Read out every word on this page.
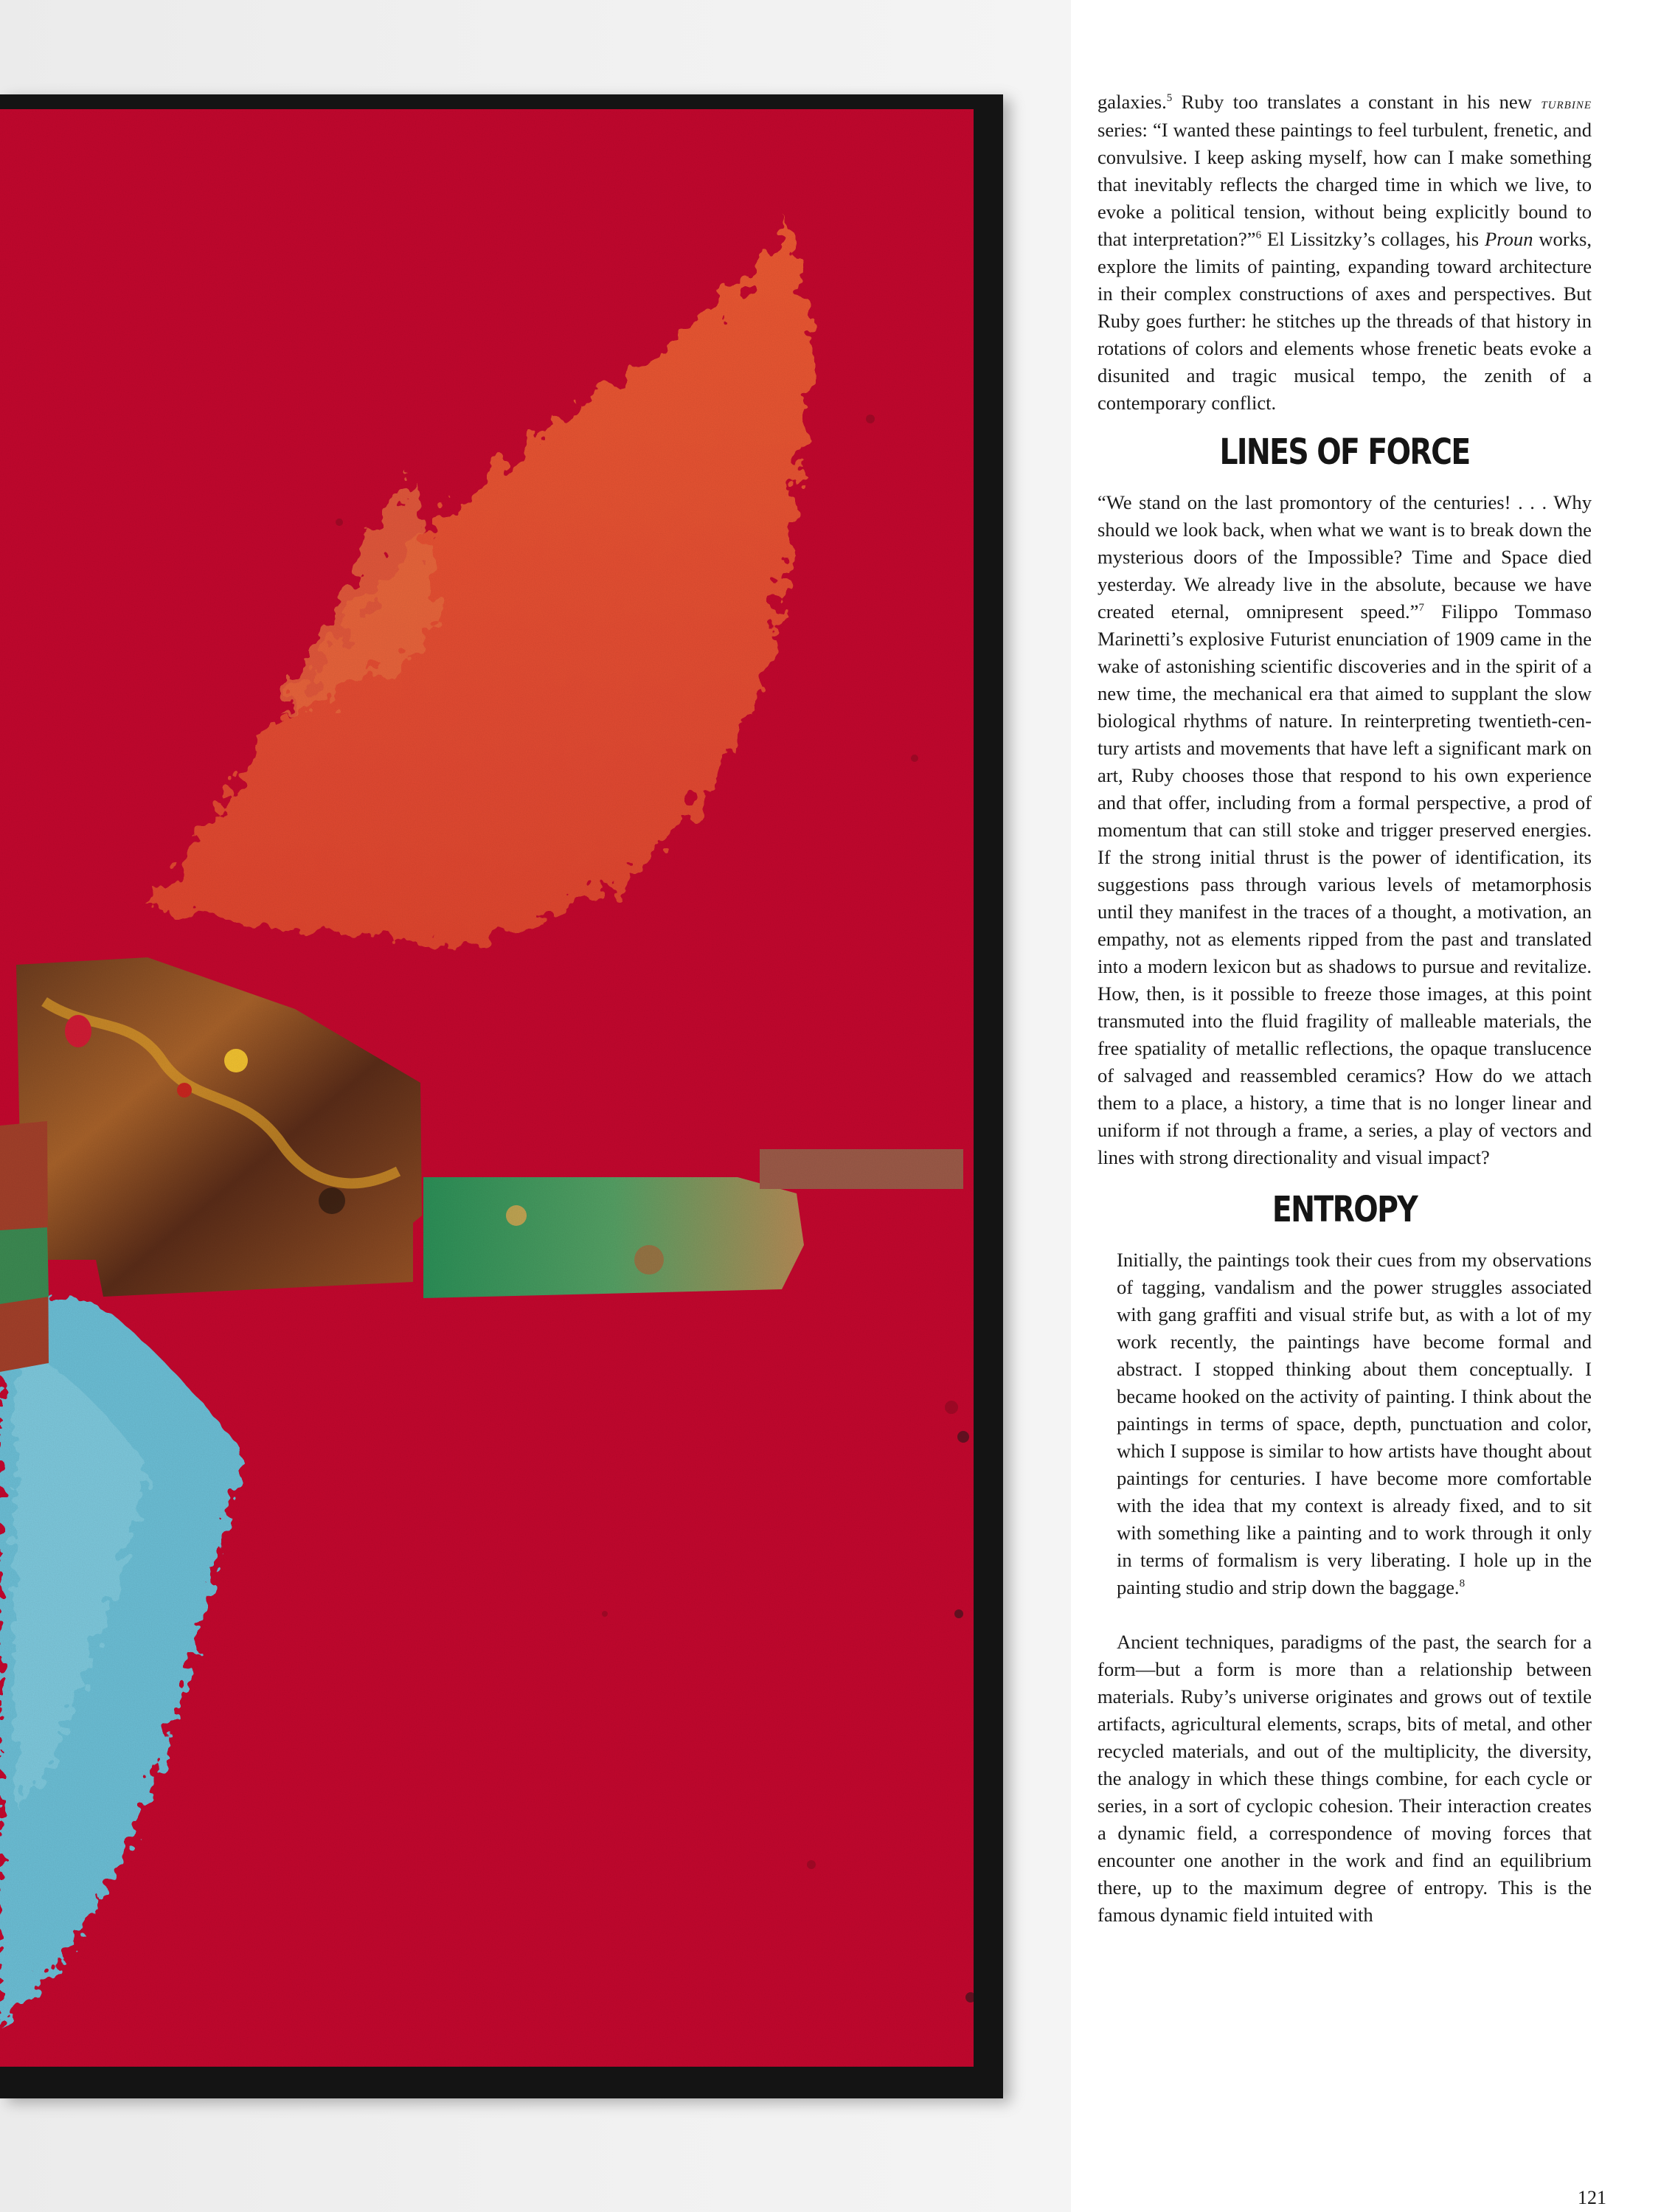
galaxies.$^5$ Ruby too translates a constant in his new turbine series: “I wanted these paintings to feel turbulent, frenetic, and convulsive. I keep asking myself, how can I make something that inevitably reflects the charged time in which we live, to evoke a political tension, without being explicitly bound to that interpretation?”$^6$ El Lissitzky’s collages, his Proun works, explore the limits of painting, expanding toward architecture in their complex constructions of axes and perspectives. But Ruby goes further: he stitches up the threads of that history in rotations of colors and elements whose frenetic beats evoke a disunited and tragic musical tempo, the zenith of a contemporary conflict.

LINES OF FORCE

“We stand on the last promontory of the centuries! . . . Why should we look back, when what we want is to break down the mysterious doors of the Impossible? Time and Space died yesterday. We already live in the absolute, because we have created eternal, omnipresent speed.”$^7$ Filippo Tommaso Marinetti’s explosive Futurist enunciation of 1909 came in the wake of astonishing scientific discoveries and in the spirit of a new time, the mechanical era that aimed to supplant the slow biological rhythms of nature. In reinterpreting twentieth-century artists and movements that have left a significant mark on art, Ruby chooses those that respond to his own experience and that offer, including from a formal perspective, a prod of momentum that can still stoke and trigger preserved energies. If the strong initial thrust is the power of identification, its suggestions pass through various levels of metamorphosis until they manifest in the traces of a thought, a motivation, an empathy, not as elements ripped from the past and translated into a modern lexicon but as shadows to pursue and revitalize. How, then, is it possible to freeze those images, at this point transmuted into the fluid fragility of malleable materials, the free spatiality of metallic reflections, the opaque translucence of salvaged and reassembled ceramics? How do we attach them to a place, a history, a time that is no longer linear and uniform if not through a frame, a series, a play of vectors and lines with strong directionality and visual impact?

ENTROPY

Initially, the paintings took their cues from my observations of tagging, vandalism and the power struggles associated with gang graffiti and visual strife but, as with a lot of my work recently, the paintings have become formal and abstract. I stopped thinking about them conceptually. I became hooked on the activity of painting. I think about the paintings in terms of space, depth, punctuation and color, which I suppose is similar to how artists have thought about paintings for centuries. I have become more comfortable with the idea that my context is already fixed, and to sit with something like a painting and to work through it only in terms of formalism is very liberating. I hole up in the painting studio and strip down the baggage.$^8$

Ancient techniques, paradigms of the past, the search for a form—but a form is more than a relationship between materials. Ruby’s universe originates and grows out of textile artifacts, agricultural elements, scraps, bits of metal, and other recycled materials, and out of the multiplicity, the diversity, the analogy in which these things combine, for each cycle or series, in a sort of cyclopic cohesion. Their interaction creates a dynamic field, a correspondence of moving forces that encounter one another in the work and find an equilibrium there, up to the maximum degree of entropy. This is the famous dynamic field intuited with

121
